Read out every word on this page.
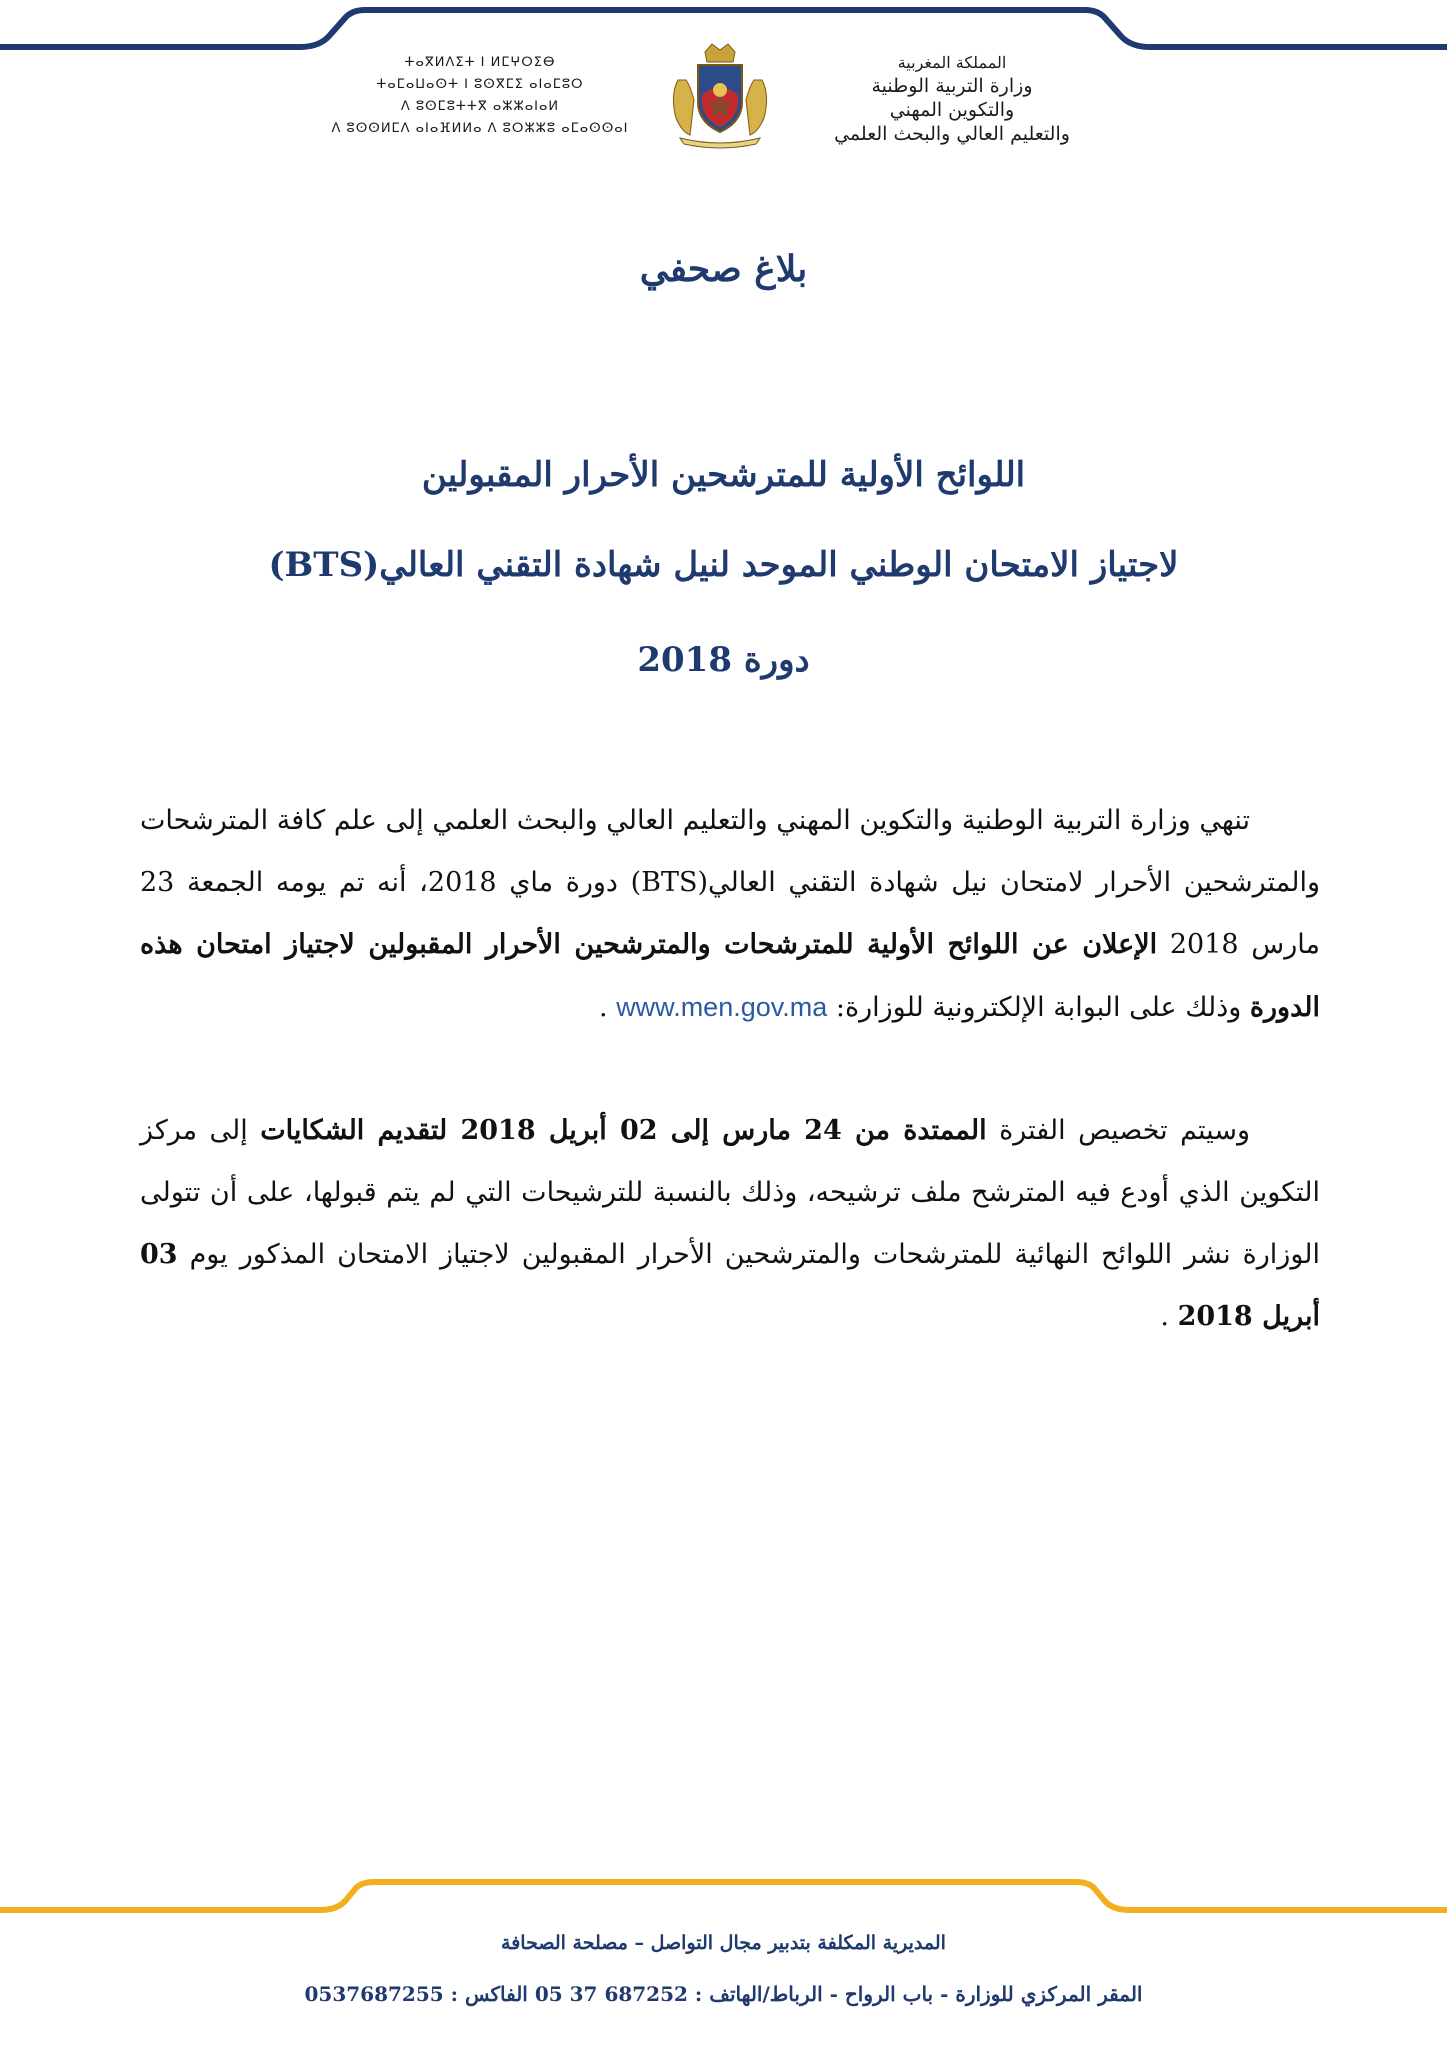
المملكة المغربية
وزارة التربية الوطنية
والتكوين المهني
والتعليم العالي والبحث العلمي
ⵜⴰⴳⵍⴷⵉⵜ ⵏ ⵍⵎⵖⵔⵉⴱ
ⵜⴰⵎⴰⵡⴰⵙⵜ ⵏ ⵓⵙⴳⵎⵉ ⴰⵏⴰⵎⵓⵔ
ⴷ ⵓⵙⵎⵓⵜⵜⴳ ⴰⵣⵣⴰⵏⴰⵍ
ⴷ ⵓⵙⵙⵍⵎⴷ ⴰⵏⴰⴼⵍⵍⴰ ⴷ ⵓⵔⵣⵣⵓ ⴰⵎⴰⵙⵙⴰⵏ
بلاغ صحفي
اللوائح الأولية للمترشحين الأحرار المقبولين
لاجتياز الامتحان الوطني الموحد لنيل شهادة التقني العالي(BTS)
دورة 2018
تنهي وزارة التربية الوطنية والتكوين المهني والتعليم العالي والبحث العلمي إلى علم كافة المترشحات والمترشحين الأحرار لامتحان نيل شهادة التقني العالي(BTS) دورة ماي 2018، أنه تم يومه الجمعة 23 مارس 2018 الإعلان عن اللوائح الأولية للمترشحات والمترشحين الأحرار المقبولين لاجتياز امتحان هذه الدورة وذلك على البوابة الإلكترونية للوزارة: www.men.gov.ma .
وسيتم تخصيص الفترة الممتدة من 24 مارس إلى 02 أبريل 2018 لتقديم الشكايات إلى مركز التكوين الذي أودع فيه المترشح ملف ترشيحه، وذلك بالنسبة للترشيحات التي لم يتم قبولها، على أن تتولى الوزارة نشر اللوائح النهائية للمترشحات والمترشحين الأحرار المقبولين لاجتياز الامتحان المذكور يوم 03 أبريل 2018 .
المديرية المكلفة بتدبير مجال التواصل – مصلحة الصحافة
المقر المركزي للوزارة - باب الرواح - الرباط/الهاتف : 687252 37 05 الفاكس : 0537687255
